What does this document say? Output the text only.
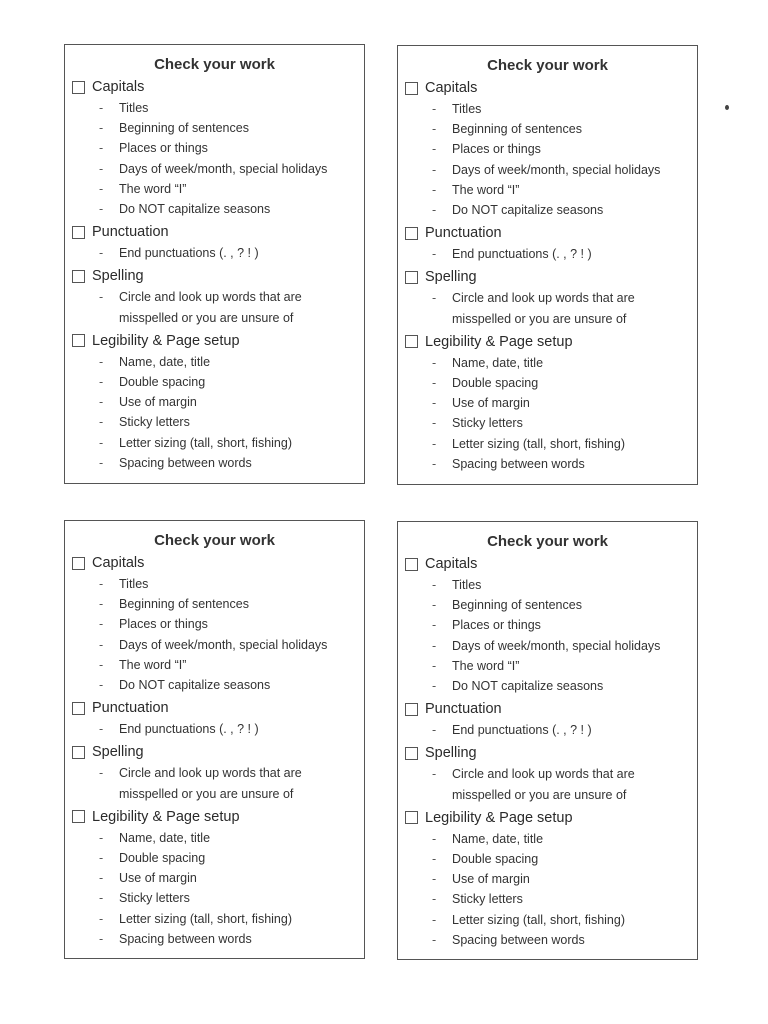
Check your work
Capitals
-	Titles
-	Beginning of sentences
-	Places or things
-	Days of week/month, special holidays
-	The word “I”
-	Do NOT capitalize seasons
Punctuation
-	End punctuations (. , ? ! )
Spelling
-	Circle and look up words that are
misspelled or you are unsure of
Legibility & Page setup
-	Name, date, title
-	Double spacing
-	Use of margin
-	Sticky letters
-	Letter sizing (tall, short, fishing)
-	Spacing between words
Check your work
Capitals
-	Titles
-	Beginning of sentences
-	Places or things
-	Days of week/month, special holidays
-	The word “I”
-	Do NOT capitalize seasons
Punctuation
-	End punctuations (. , ? ! )
Spelling
-	Circle and look up words that are
misspelled or you are unsure of
Legibility & Page setup
-	Name, date, title
-	Double spacing
-	Use of margin
-	Sticky letters
-	Letter sizing (tall, short, fishing)
-	Spacing between words
Check your work
Capitals
-	Titles
-	Beginning of sentences
-	Places or things
-	Days of week/month, special holidays
-	The word “I”
-	Do NOT capitalize seasons
Punctuation
-	End punctuations (. , ? ! )
Spelling
-	Circle and look up words that are
misspelled or you are unsure of
Legibility & Page setup
-	Name, date, title
-	Double spacing
-	Use of margin
-	Sticky letters
-	Letter sizing (tall, short, fishing)
-	Spacing between words
Check your work
Capitals
-	Titles
-	Beginning of sentences
-	Places or things
-	Days of week/month, special holidays
-	The word “I”
-	Do NOT capitalize seasons
Punctuation
-	End punctuations (. , ? ! )
Spelling
-	Circle and look up words that are
misspelled or you are unsure of
Legibility & Page setup
-	Name, date, title
-	Double spacing
-	Use of margin
-	Sticky letters
-	Letter sizing (tall, short, fishing)
-	Spacing between words
